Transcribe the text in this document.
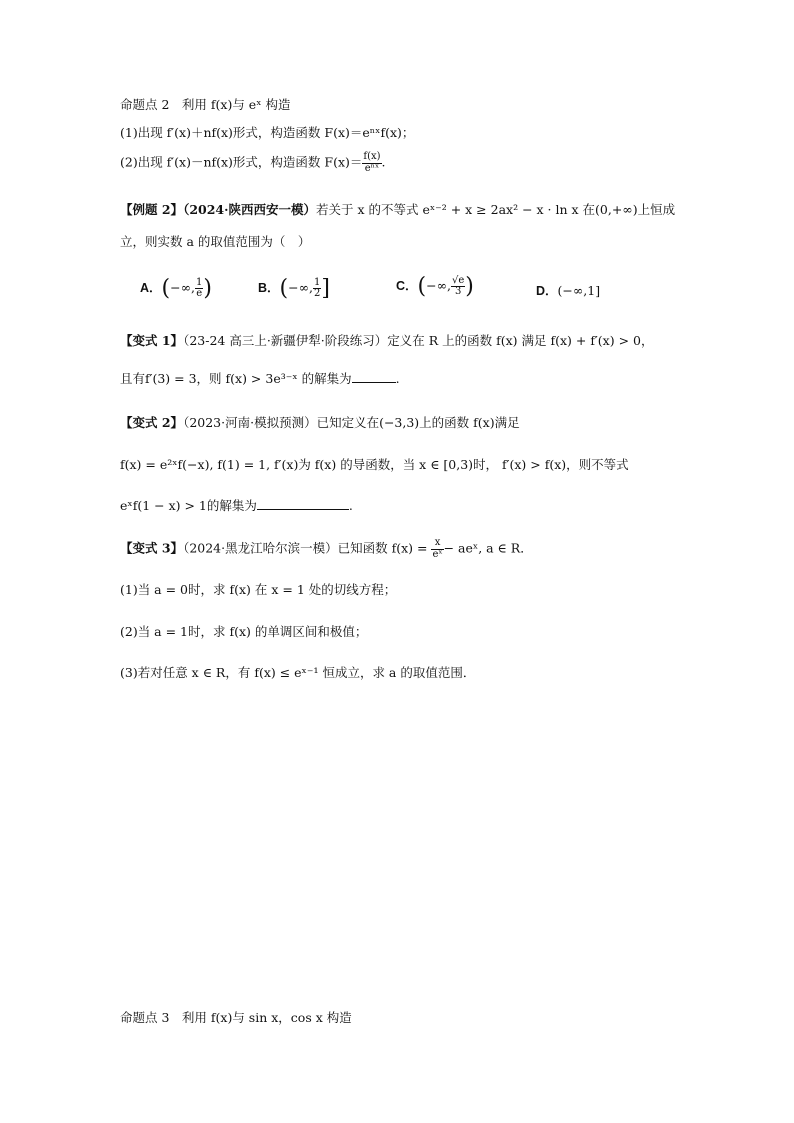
命题点 2　利用 f(x)与 eˣ 构造
(1)出现 f′(x)＋nf(x)形式，构造函数 F(x)＝eⁿˣf(x)；
(2)出现 f′(x)－nf(x)形式，构造函数 $F(x)= \frac{f(x)}{\text{eⁿˣ}}$ .
【例题 2】（2024·陕西西安一模）若关于 x 的不等式 eˣ⁻² + x ≥ 2ax² − x · ln x 在(0,+∞)上恒成
立，则实数 a 的取值范围为（　）
A．(−∞, $\frac{1}{e}$ )	B．(−∞, $\frac{1}{2}$ ]	C．(−∞, $\frac{√e}{3}$ )	D．(−∞,1]
【变式 1】（23-24 高三上·新疆伊犁·阶段练习）定义在 R 上的函数 f(x) 满足 f(x) + f′(x) > 0，
且有f′(3) = 3，则 f(x) > 3e³⁻ˣ 的解集为	.
【变式 2】（2023·河南·模拟预测）已知定义在(−3,3)上的函数 f(x)满足
f(x) = e²ˣf(−x), f(1) = 1, f′(x)为 f(x) 的导函数，当 x ∈ [0,3)时， f′(x) > f(x)，则不等式
eˣf(1 − x) > 1的解集为	.
【变式 3】（2024·黑龙江哈尔滨一模）已知函数 $f(x) = \frac{x}{\text{eˣ}}$ − aeˣ, a ∈ R．
(1)当 a = 0时，求 f(x) 在 x = 1 处的切线方程；
(2)当 a = 1时，求 f(x) 的单调区间和极值；
(3)若对任意 x ∈ R，有 f(x) ≤ eˣ⁻¹ 恒成立，求 a 的取值范围．
命题点 3　利用 f(x)与 sin x，cos x 构造
